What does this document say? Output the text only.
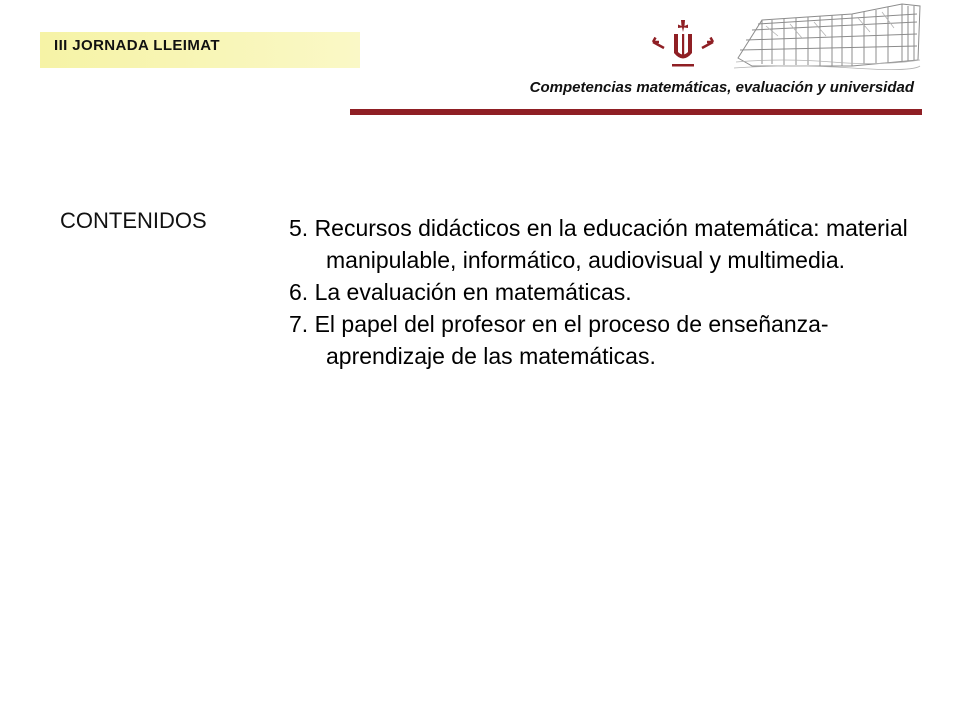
III JORNADA LLEIMAT
Competencias matemáticas, evaluación y universidad
CONTENIDOS	5. Recursos didácticos en la educación matemática: material manipulable, informático, audiovisual y multimedia.
6. La evaluación en matemáticas.
7. El papel del profesor en el proceso de enseñanza-aprendizaje de las matemáticas.
